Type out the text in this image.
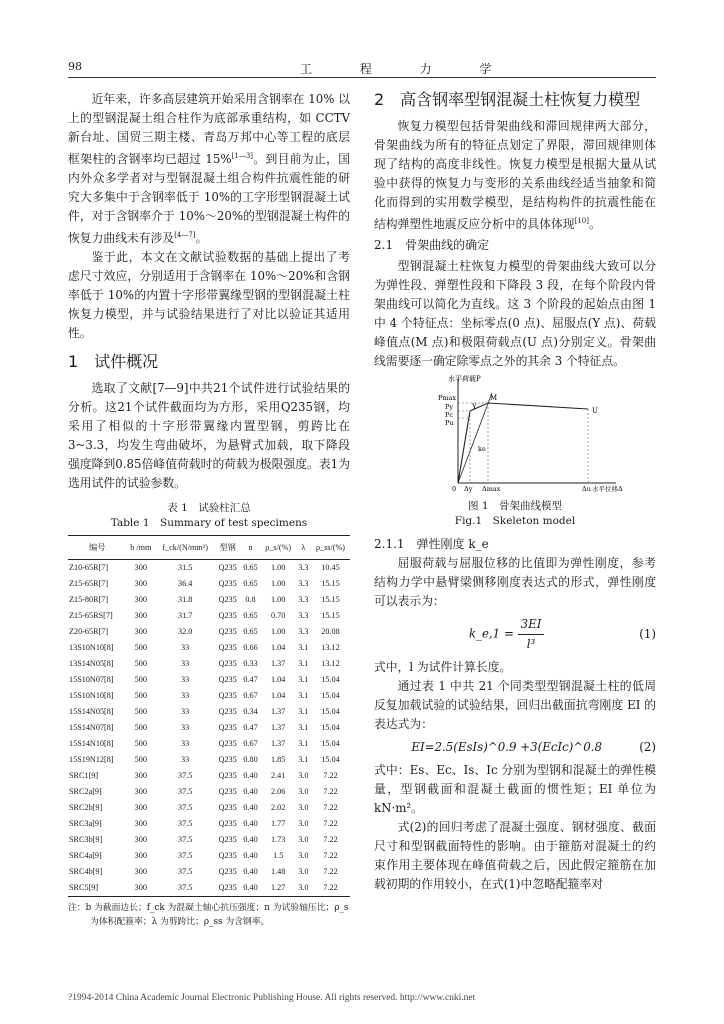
98	工 程 力 学

近年来，许多高层建筑开始采用含钢率在 10% 以上的型钢混凝土组合柱作为底部承重结构，如 CCTV 新台址、国贸三期主楼、青岛万邦中心等工程的底层框架柱的含钢率均已超过 15%[1―3]。到目前为止，国内外众多学者对与型钢混凝土组合构件抗震性能的研究大多集中于含钢率低于 10%的工字形型钢混凝土试件，对于含钢率介于 10%～20%的型钢混凝土构件的恢复力曲线未有涉及[4―7]。

鉴于此，本文在文献试验数据的基础上提出了考虑尺寸效应，分别适用于含钢率在 10%～20%和含钢率低于 10%的内置十字形带翼缘型钢的型钢混凝土柱恢复力模型，并与试验结果进行了对比以验证其适用性。

1　试件概况

选取了文献[7—9]中共21个试件进行试验结果的分析。这21个试件截面均为方形，采用Q235钢，均采用了相似的十字形带翼缘内置型钢，剪跨比在3~3.3，均发生弯曲破坏，为悬臂式加载，取下降段强度降到0.85倍峰值荷载时的荷载为极限强度。表1为选用试件的试验参数。

表 1　试验柱汇总
Table 1　Summary of test specimens
编号	b /mm	f_ck/(N/mm²)	型钢	n	ρ_s/(%)	λ	ρ_ss/(%)
Z10-65R[7]	300	31.5	Q235	0.65	1.00	3.3	10.45
Z15-65R[7]	300	36.4	Q235	0.65	1.00	3.3	15.15
Z15-80R[7]	300	31.8	Q235	0.8	1.00	3.3	15.15
Z15-65RS[7]	300	31.7	Q235	0.65	0.70	3.3	15.15
Z20-65R[7]	300	32.0	Q235	0.65	1.00	3.3	20.08
13S10N10[8]	500	33	Q235	0.66	1.04	3.1	13.12
13S14N05[8]	500	33	Q235	0.33	1.37	3.1	13.12
15S10N07[8]	500	33	Q235	0.47	1.04	3.1	15.04
15S10N10[8]	500	33	Q235	0.67	1.04	3.1	15.04
15S14N05[8]	500	33	Q235	0.34	1.37	3.1	15.04
15S14N07[8]	500	33	Q235	0.47	1.37	3.1	15.04
15S14N10[8]	500	33	Q235	0.67	1.37	3.1	15.04
15S19N12[8]	500	33	Q235	0.80	1.85	3.1	15.04
SRC1[9]	300	37.5	Q235	0.40	2.41	3.0	7.22
SRC2a[9]	300	37.5	Q235	0.40	2.06	3.0	7.22
SRC2b[9]	300	37.5	Q235	0.40	2.02	3.0	7.22
SRC3a[9]	300	37.5	Q235	0.40	1.77	3.0	7.22
SRC3b[9]	300	37.5	Q235	0.40	1.73	3.0	7.22
SRC4a[9]	300	37.5	Q235	0.40	1.5	3.0	7.22
SRC4b[9]	300	37.5	Q235	0.40	1.48	3.0	7.22
SRC5[9]	300	37.5	Q235	0.40	1.27	3.0	7.22
注：b 为截面边长；f_ck 为混凝土轴心抗压强度；n 为试验轴压比；ρ_s
为体积配箍率；λ 为剪跨比；ρ_ss 为含钢率。
2　高含钢率型钢混凝土柱恢复力模型

恢复力模型包括骨架曲线和滞回规律两大部分，骨架曲线为所有的特征点划定了界限，滞回规律则体现了结构的高度非线性。恢复力模型是根据大量从试验中获得的恢复力与变形的关系曲线经适当抽象和简化而得到的实用数学模型，是结构构件的抗震性能在结构弹塑性地震反应分析中的具体体现[10]。

2.1　骨架曲线的确定

型钢混凝土柱恢复力模型的骨架曲线大致可以分为弹性段、弹塑性段和下降段 3 段，在每个阶段内骨架曲线可以简化为直线。这 3 个阶段的起始点由图 1 中 4 个特征点：坐标零点(0 点)、屈服点(Y 点)、荷载峰值点(M 点)和极限荷载点(U 点)分别定义。骨架曲线需要逐一确定除零点之外的其余 3 个特征点。

水平荷载P
Pmax
Py
Pc
Pu
M
Y	U
ke
0 Δy Δmax	Δu 水平位移Δ
图 1　骨架曲线模型
Fig.1　Skeleton model
2.1.1　弹性刚度 k_e

屈服荷载与屈服位移的比值即为弹性刚度，参考结构力学中悬臂梁侧移刚度表达式的形式，弹性刚度可以表示为：

k_e,1 = $\frac{3EI}{\text{l³}}$	(1)

式中，l 为试件计算长度。

通过表 1 中共 21 个同类型型钢混凝土柱的低周反复加载试验的试验结果，回归出截面抗弯刚度 EI 的表达式为：

EI=2.5(EsIs)^0.9 +3(EcIc)^0.8	(2)

式中：Es、Ec、Is、Ic 分别为型钢和混凝土的弹性模量，型钢截面和混凝土截面的惯性矩；EI 单位为 kN·m²。

式(2)的回归考虑了混凝土强度、钢材强度、截面尺寸和型钢截面特性的影响。由于箍筋对混凝土的约束作用主要体现在峰值荷载之后，因此假定箍筋在加载初期的作用较小，在式(1)中忽略配箍率对

?1994-2014 China Academic Journal Electronic Publishing House. All rights reserved. http://www.cnki.net
